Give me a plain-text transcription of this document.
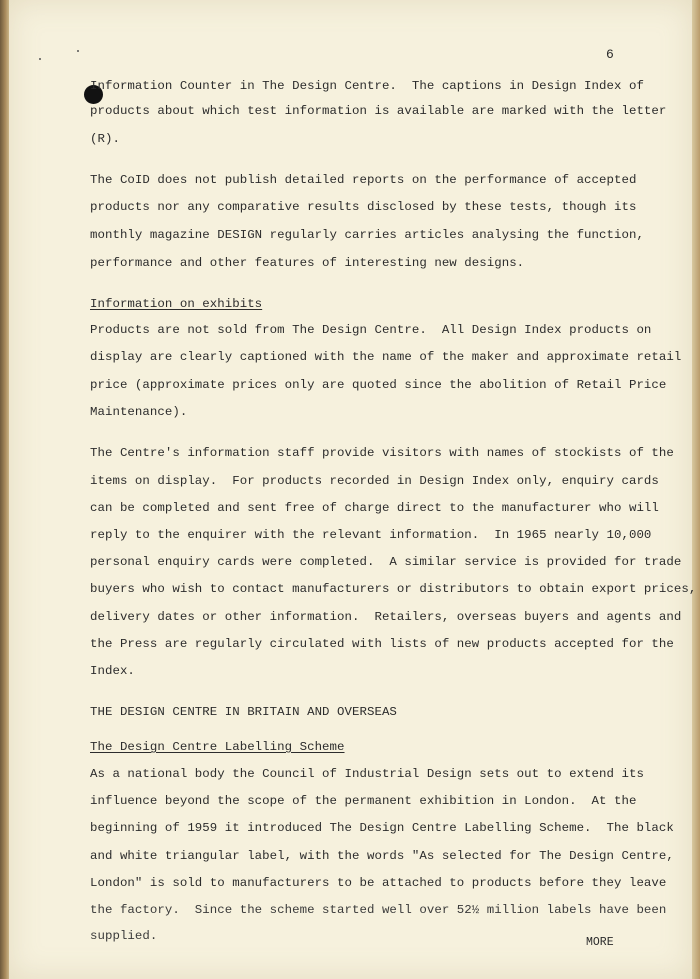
6
Information Counter in The Design Centre.  The captions in Design Index of
products about which test information is available are marked with the letter
(R).
The CoID does not publish detailed reports on the performance of accepted
products nor any comparative results disclosed by these tests, though its
monthly magazine DESIGN regularly carries articles analysing the function,
performance and other features of interesting new designs.
Information on exhibits
Products are not sold from The Design Centre.  All Design Index products on
display are clearly captioned with the name of the maker and approximate retail
price (approximate prices only are quoted since the abolition of Retail Price
Maintenance).
The Centre's information staff provide visitors with names of stockists of the
items on display.  For products recorded in Design Index only, enquiry cards
can be completed and sent free of charge direct to the manufacturer who will
reply to the enquirer with the relevant information.  In 1965 nearly 10,000
personal enquiry cards were completed.  A similar service is provided for trade
buyers who wish to contact manufacturers or distributors to obtain export prices,
delivery dates or other information.  Retailers, overseas buyers and agents and
the Press are regularly circulated with lists of new products accepted for the
Index.
THE DESIGN CENTRE IN BRITAIN AND OVERSEAS
The Design Centre Labelling Scheme
As a national body the Council of Industrial Design sets out to extend its
influence beyond the scope of the permanent exhibition in London.  At the
beginning of 1959 it introduced The Design Centre Labelling Scheme.  The black
and white triangular label, with the words "As selected for The Design Centre,
London" is sold to manufacturers to be attached to products before they leave
the factory.  Since the scheme started well over 52½ million labels have been
supplied.	MORE
